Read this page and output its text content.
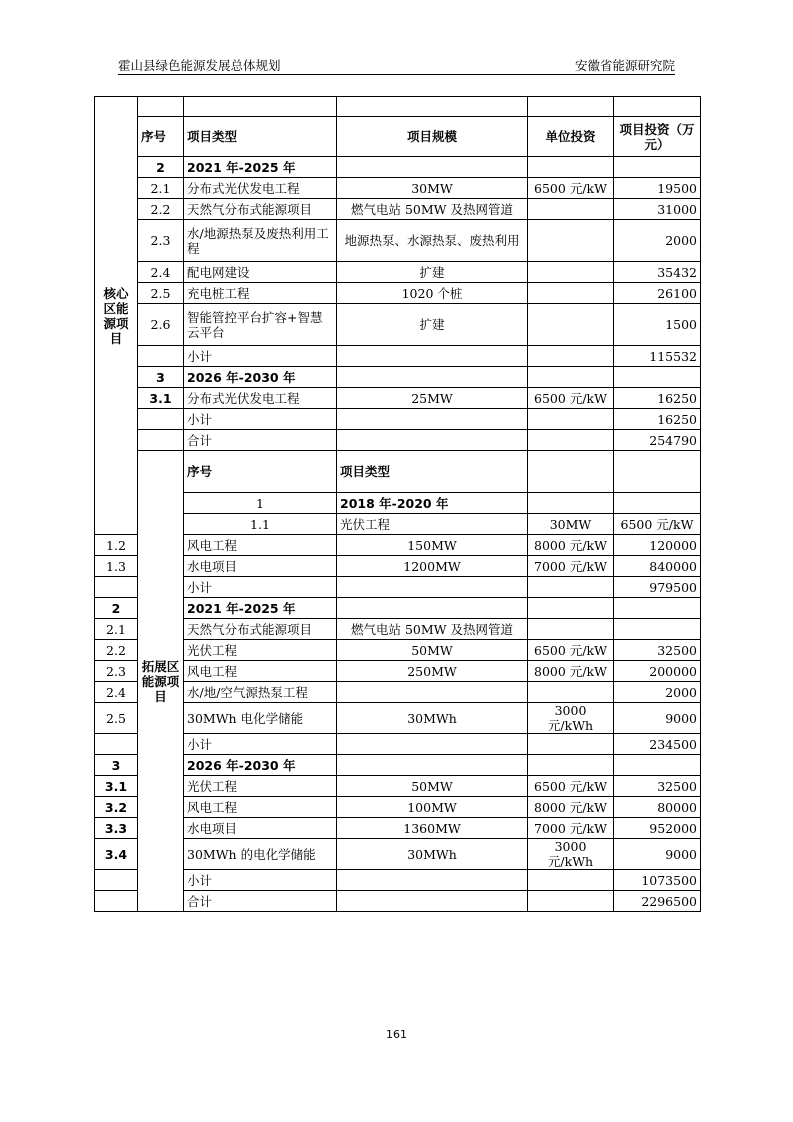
霍山县绿色能源发展总体规划	安徽省能源研究院
核心区能源项目						
	序号	项目类型	项目规模	单位投资	项目投资（万元）	
	2	2021 年-2025 年				
	2.1	分布式光伏发电工程	30MW	6500 元/kW	19500	
	2.2	天然气分布式能源项目	燃气电站 50MW 及热网管道		31000	
	2.3	水/地源热泵及废热利用工程	地源热泵、水源热泵、废热利用		2000	
	2.4	配电网建设	扩建		35432	
	2.5	充电桩工程	1020 个桩		26100	
	2.6	智能管控平台扩容+智慧云平台	扩建		1500	
		小计			115532	
	3	2026 年-2030 年				
	3.1	分布式光伏发电工程	25MW	6500 元/kW	16250	
		小计			16250	
		合计			254790	
	拓展区能源项目	序号	项目类型			
		1	2018 年-2020 年			
		1.1	光伏工程	30MW	6500 元/kW	
1.2		风电工程	150MW	8000 元/kW	120000	
1.3		水电项目	1200MW	7000 元/kW	840000	
		小计			979500	
2		2021 年-2025 年				
2.1		天然气分布式能源项目	燃气电站 50MW 及热网管道			
2.2		光伏工程	50MW	6500 元/kW	32500	
2.3		风电工程	250MW	8000 元/kW	200000	
2.4		水/地/空气源热泵工程			2000	
2.5		30MWh 电化学储能	30MWh	3000 元/kWh	9000	
		小计			234500	
3		2026 年-2030 年				
3.1		光伏工程	50MW	6500 元/kW	32500	
3.2		风电工程	100MW	8000 元/kW	80000	
3.3		水电项目	1360MW	7000 元/kW	952000	
3.4		30MWh 的电化学储能	30MWh	3000 元/kWh	9000	
		小计			1073500	
		合计			2296500	
161
